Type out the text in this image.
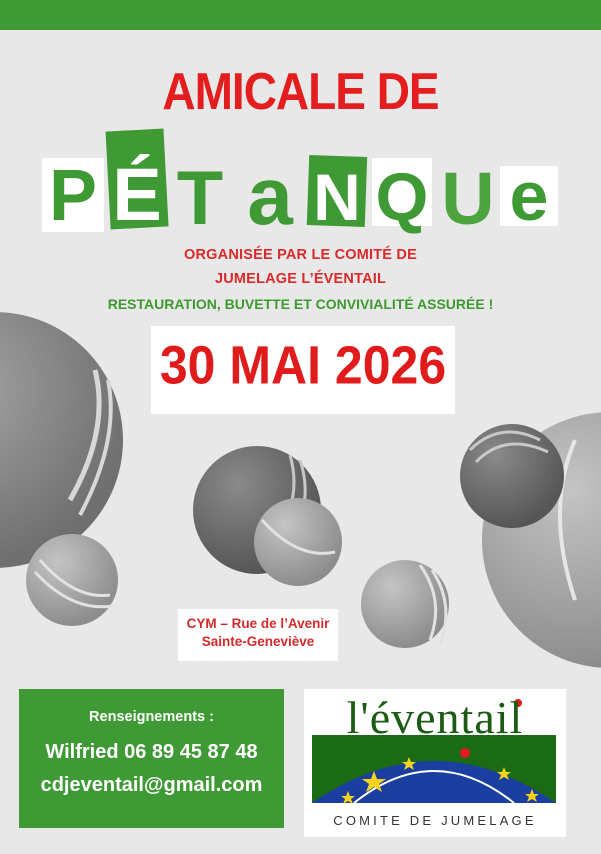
AMICALE DE
P É T a N Q U e
ORGANISÉE PAR LE COMITÉ DE
JUMELAGE L’ÉVENTAIL
RESTAURATION, BUVETTE ET CONVIVIALITÉ ASSURÉE !
30 MAI 2026
CYM – Rue de l’Avenir
Sainte-Geneviève
Renseignements :
Wilfried 06 89 45 87 48
cdjeventail@gmail.com
l'éventail
COMITE DE JUMELAGE
